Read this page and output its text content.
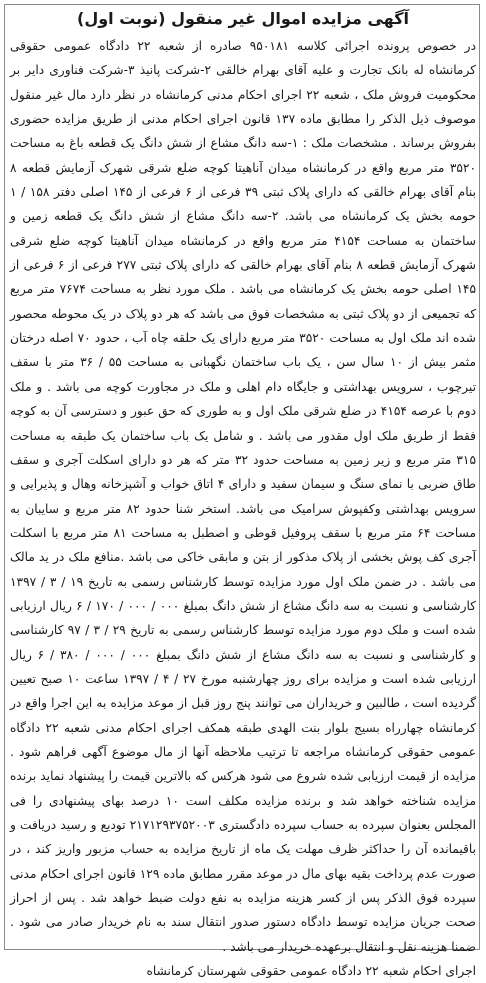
آگهی مزایده اموال غیر منقول (نوبت اول)

در خصوص پرونده اجرائی کلاسه ۹۵۰۱۸۱ صادره از شعبه ۲۲ دادگاه عمومی حقوقی کرمانشاه له بانک تجارت و علیه آقای بهرام خالقی ۲-شرکت پانیذ ۳-شرکت فناوری دایر بر محکومیت فروش ملک ، شعبه ۲۲ اجرای احکام مدنی کرمانشاه در نظر دارد مال غیر منقول موصوف ذیل الذکر را مطابق ماده ۱۳۷ قانون اجرای احکام مدنی از طریق مزایده حضوری بفروش برساند . مشخصات ملک : ۱-سه دانگ مشاع از شش دانگ یک قطعه باغ به مساحت ۳۵۲۰ متر مربع واقع در کرمانشاه میدان آناهیتا کوچه ضلع شرقی شهرک آزمایش قطعه ۸ بنام آقای بهرام خالقی که دارای پلاک ثبتی ۳۹ فرعی از ۶ فرعی از ۱۴۵ اصلی دفتر ۱۵۸ / ۱ حومه بخش یک کرمانشاه می باشد. ۲-سه دانگ مشاع از شش دانگ یک قطعه زمین و ساختمان به مساحت ۴۱۵۴ متر مربع واقع در کرمانشاه میدان آناهیتا کوچه ضلع شرقی شهرک آزمایش قطعه ۸ بنام آقای بهرام خالقی که دارای پلاک ثبتی ۲۷۷ فرعی از ۶ فرعی از ۱۴۵ اصلی حومه بخش یک کرمانشاه می باشد . ملک مورد نظر به مساحت ۷۶۷۴ متر مربع که تجمیعی از دو پلاک ثبتی به مشخصات فوق می باشد که هر دو پلاک در یک محوطه محصور شده اند ملک اول به مساحت ۳۵۲۰ متر مربع دارای یک حلقه چاه آب ، حدود ۷۰ اصله درختان مثمر بیش از ۱۰ سال سن ، یک باب ساختمان نگهبانی به مساحت ۵۵ / ۳۶ متر با سقف تیرچوب ، سرویس بهداشتی و جایگاه دام اهلی و ملک در مجاورت کوچه می باشد . و ملک دوم با عرصه ۴۱۵۴ در ضلع شرقی ملک اول و به طوری که حق عبور و دسترسی آن به کوچه فقط از طریق ملک اول مقدور می باشد . و شامل یک باب ساختمان یک طبقه به مساحت ۳۱۵ متر مربع و زیر زمین به مساحت حدود ۳۲ متر که هر دو دارای اسکلت آجری و سقف طاق ضربی با نمای سنگ و سیمان سفید و دارای ۴ اتاق خواب و آشپزخانه وهال و پذیرایی و سرویس بهداشتی وکفپوش سرامیک می باشد. استخر شنا حدود ۸۲ متر مربع و سایبان به مساحت ۶۴ متر مربع با سقف پروفیل قوطی و اصطبل به مساحت ۸۱ متر مربع با اسکلت آجری کف پوش بخشی از پلاک مذکور از بتن و مابقی خاکی می باشد .منافع ملک در ید مالک می باشد . در ضمن ملک اول مورد مزایده توسط کارشناس رسمی به تاریخ ۱۹ / ۳ / ۱۳۹۷ کارشناسی و نسبت به سه دانگ مشاع از شش دانگ بمبلغ ۰۰۰ / ۰۰۰ / ۱۷۰ / ۶ ریال ارزیابی شده است و ملک دوم مورد مزایده توسط کارشناس رسمی به تاریخ ۲۹ / ۳ / ۹۷ کارشناسی و کارشناسی و نسبت به سه دانگ مشاع از شش دانگ بمبلغ ۰۰۰ / ۰۰۰ / ۳۸۰ / ۶ ریال ارزیابی شده است و مزایده برای روز چهارشنبه مورخ ۲۷ / ۴ / ۱۳۹۷ ساعت ۱۰ صبح تعیین گردیده است ، طالبین و خریداران می توانند پنج روز قبل از موعد مزایده به این اجرا واقع در کرمانشاه چهارراه بسیج بلوار بنت الهدی طبقه همکف اجرای احکام مدنی شعبه ۲۲ دادگاه عمومی حقوقی کرمانشاه مراجعه تا ترتیب ملاحظه آنها از مال موضوع آگهی فراهم شود . مزایده از قیمت ارزیابی شده شروع می شود هرکس که بالاترین قیمت را پیشنهاد نماید برنده مزایده شناخته خواهد شد و برنده مزایده مکلف است ۱۰ درصد بهای پیشنهادی را فی المجلس بعنوان سپرده به حساب سپرده دادگستری ۲۱۷۱۲۹۳۷۵۲۰۰۳ تودیع و رسید دریافت و باقیمانده آن را حداکثر ظرف مهلت یک ماه از تاریخ مزایده به حساب مزبور واریز کند ، در صورت عدم پرداخت بقیه بهای مال در موعد مقرر مطابق ماده ۱۲۹ قانون اجرای احکام مدنی سپرده فوق الذکر پس از کسر هزینه مزایده به نفع دولت ضبط خواهد شد . پس از احراز صحت جریان مزایده توسط دادگاه دستور صدور انتقال سند به نام خریدار صادر می شود . ضمنا هزینه نقل و انتقال برعهده خریدار می باشد .

اجرای احکام شعبه ۲۲ دادگاه عمومی حقوقی شهرستان کرمانشاه
